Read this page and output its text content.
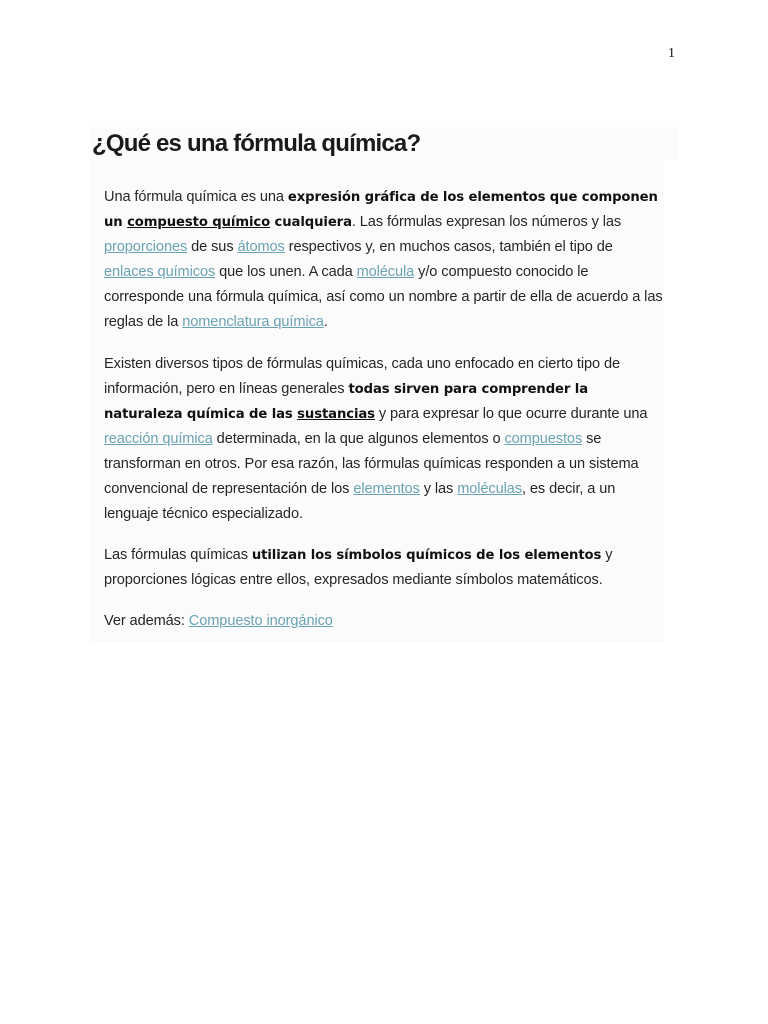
1
¿Qué es una fórmula química?

Una fórmula química es una expresión gráfica de los elementos que componen un compuesto químico cualquiera. Las fórmulas expresan los números y las proporciones de sus átomos respectivos y, en muchos casos, también el tipo de enlaces químicos que los unen. A cada molécula y/o compuesto conocido le corresponde una fórmula química, así como un nombre a partir de ella de acuerdo a las reglas de la nomenclatura química.

Existen diversos tipos de fórmulas químicas, cada uno enfocado en cierto tipo de información, pero en líneas generales todas sirven para comprender la naturaleza química de las sustancias y para expresar lo que ocurre durante una reacción química determinada, en la que algunos elementos o compuestos se transforman en otros. Por esa razón, las fórmulas químicas responden a un sistema convencional de representación de los elementos y las moléculas, es decir, a un lenguaje técnico especializado.

Las fórmulas químicas utilizan los símbolos químicos de los elementos y proporciones lógicas entre ellos, expresados mediante símbolos matemáticos.

Ver además: Compuesto inorgánico
